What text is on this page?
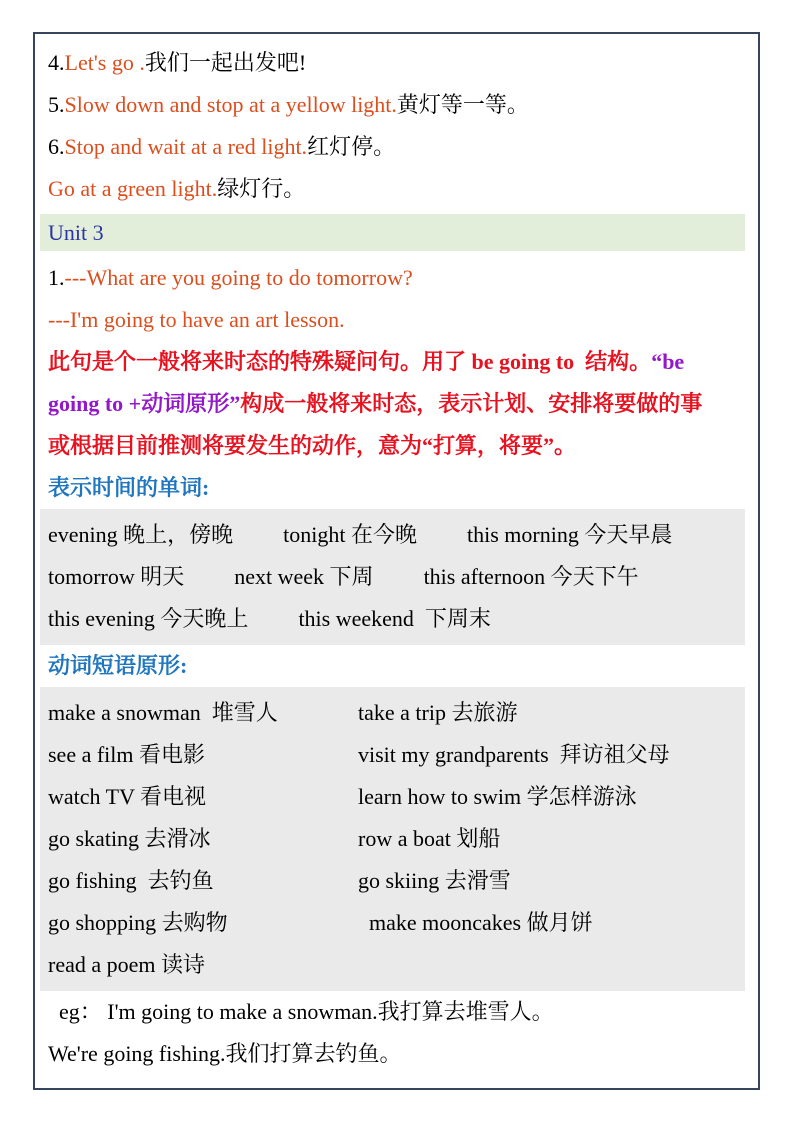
4.Let's go .我们一起出发吧!
5.Slow down and stop at a yellow light.黄灯等一等。
6.Stop and wait at a red light.红灯停。
Go at a green light.绿灯行。
Unit 3
1.---What are you going to do tomorrow?
---I'm going to have an art lesson.
此句是个一般将来时态的特殊疑问句。用了 be going to  结构。“be
going to +动词原形”构成一般将来时态，表示计划、安排将要做的事
或根据目前推测将要发生的动作，意为“打算，将要”。
表示时间的单词:
evening 晚上，傍晚 tonight 在今晚 this morning 今天早晨
tomorrow 明天 next week 下周 this afternoon 今天下午
this evening 今天晚上 this weekend  下周末
动词短语原形:
make a snowman  堆雪人	take a trip 去旅游
see a film 看电影	visit my grandparents  拜访祖父母
watch TV 看电视	learn how to swim 学怎样游泳
go skating 去滑冰	row a boat 划船
go fishing  去钓鱼	go skiing 去滑雪
go shopping 去购物	make mooncakes 做月饼
read a poem 读诗
eg： I'm going to make a snowman.我打算去堆雪人。
We're going fishing.我们打算去钓鱼。
